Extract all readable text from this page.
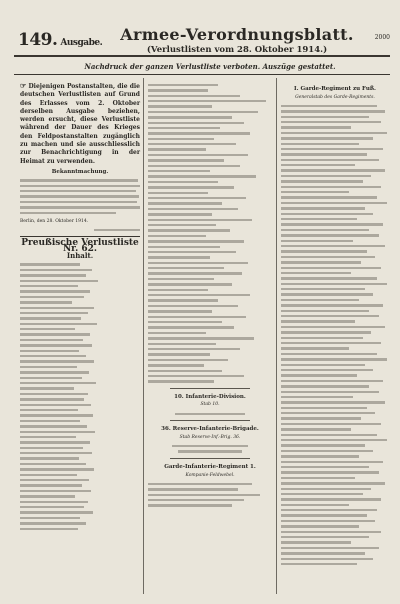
149. Ausgabe.	Armee-Verordnungsblatt.
(Verlustlisten vom 28. Oktober 1914.)
2000
Nachdruck der ganzen Verlustliste verboten. Auszüge gestattet.
☞ Diejenigen Postanstalten, die die deutschen Verlustlisten auf Grund des Erlasses vom 2. Oktober derselben Ausgabe beziehen, werden ersucht, diese Verlustliste während der Dauer des Krieges den Feldpostanstalten zugänglich zu machen und sie ausschliesslich zur Benachrichtigung in der Heimat zu verwenden.
Bekanntmachung.
Berlin, den 28. Oktober 1914.
Preußische Verlustliste Nr. 62.
Inhalt.
10. Infanterie-Division.
Stab 10.
36. Reserve-Infanterie-Brigade.
Stab Reserve-Inf.-Brig. 36.
Garde-Infanterie-Regiment 1.
Kompanie-Feldwebel.
I. Garde-Regiment zu Fuß.
Generalstab des Garde-Regiments.
